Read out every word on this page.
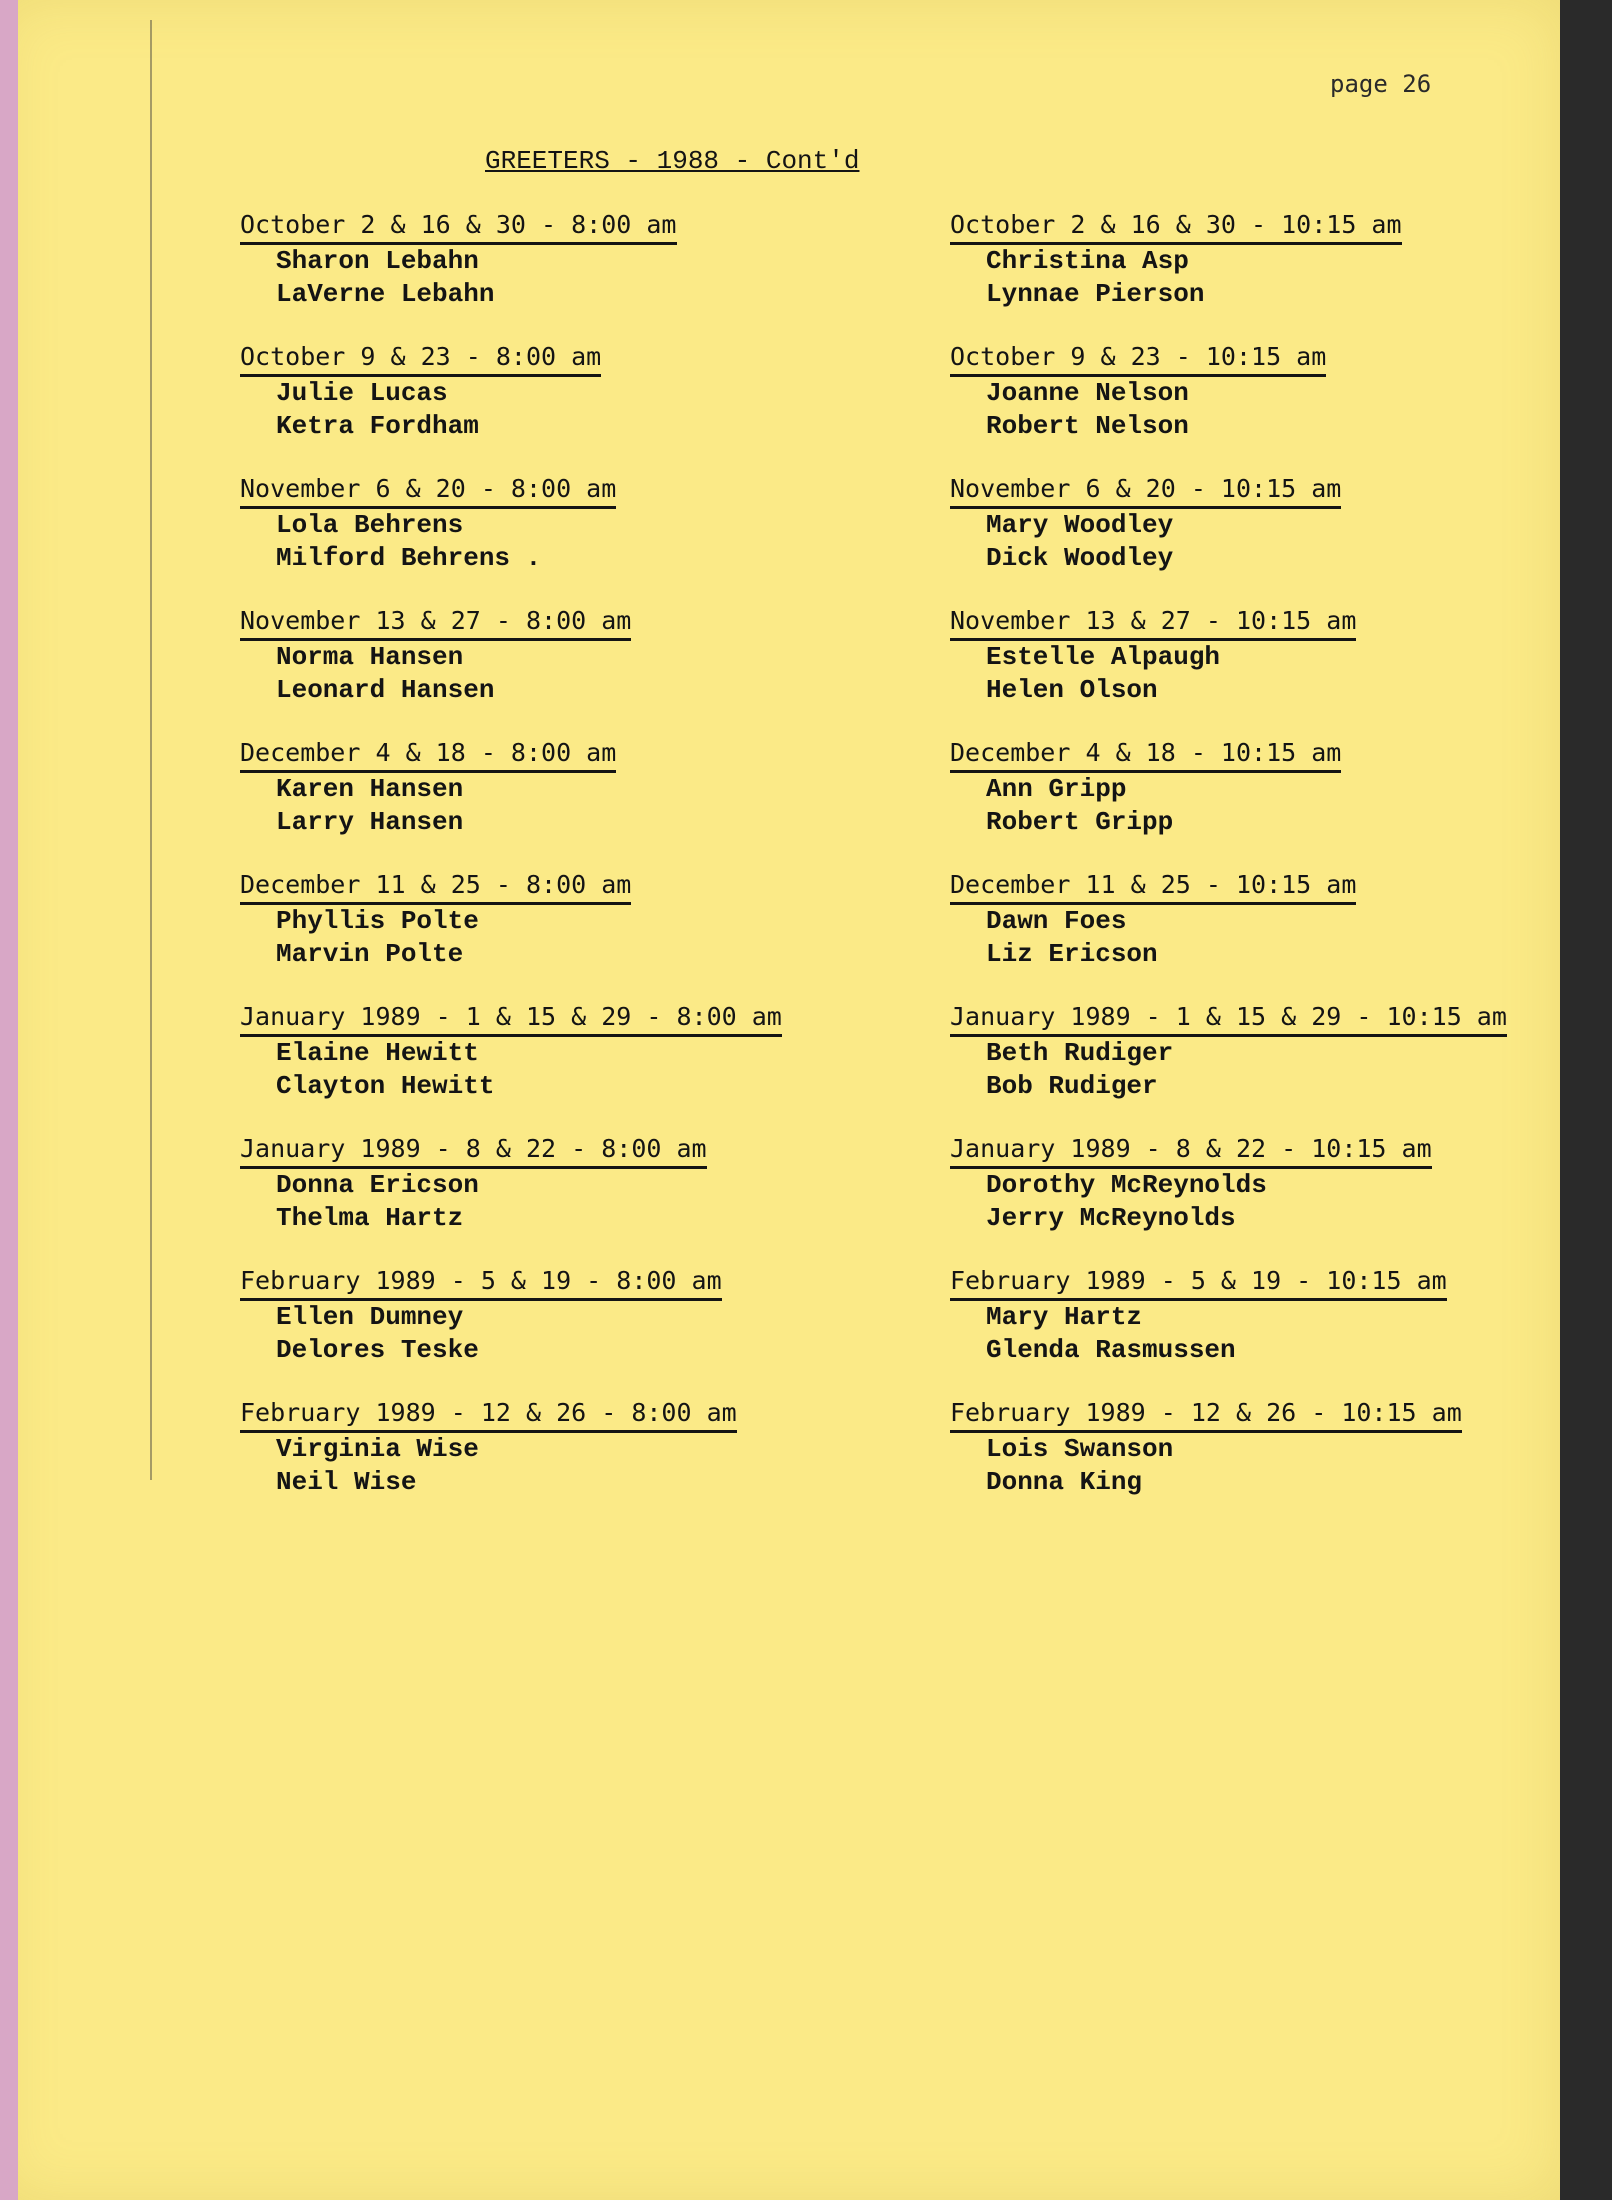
page 26
GREETERS - 1988 - Cont'd
October 2 & 16 & 30 - 8:00 am
Sharon Lebahn
LaVerne Lebahn
October 9 & 23 - 8:00 am
Julie Lucas
Ketra Fordham
November 6 & 20 - 8:00 am
Lola Behrens
Milford Behrens .
November 13 & 27 - 8:00 am
Norma Hansen
Leonard Hansen
December 4 & 18 - 8:00 am
Karen Hansen
Larry Hansen
December 11 & 25 - 8:00 am
Phyllis Polte
Marvin Polte
January 1989 - 1 & 15 & 29 - 8:00 am
Elaine Hewitt
Clayton Hewitt
January 1989 - 8 & 22 - 8:00 am
Donna Ericson
Thelma Hartz
February 1989 - 5 & 19 - 8:00 am
Ellen Dumney
Delores Teske
February 1989 - 12 & 26 - 8:00 am
Virginia Wise
Neil Wise
October 2 & 16 & 30 - 10:15 am
Christina Asp
Lynnae Pierson
October 9 & 23 - 10:15 am
Joanne Nelson
Robert Nelson
November 6 & 20 - 10:15 am
Mary Woodley
Dick Woodley
November 13 & 27 - 10:15 am
Estelle Alpaugh
Helen Olson
December 4 & 18 - 10:15 am
Ann Gripp
Robert Gripp
December 11 & 25 - 10:15 am
Dawn Foes
Liz Ericson
January 1989 - 1 & 15 & 29 - 10:15 am
Beth Rudiger
Bob Rudiger
January 1989 - 8 & 22 - 10:15 am
Dorothy McReynolds
Jerry McReynolds
February 1989 - 5 & 19 - 10:15 am
Mary Hartz
Glenda Rasmussen
February 1989 - 12 & 26 - 10:15 am
Lois Swanson
Donna King
